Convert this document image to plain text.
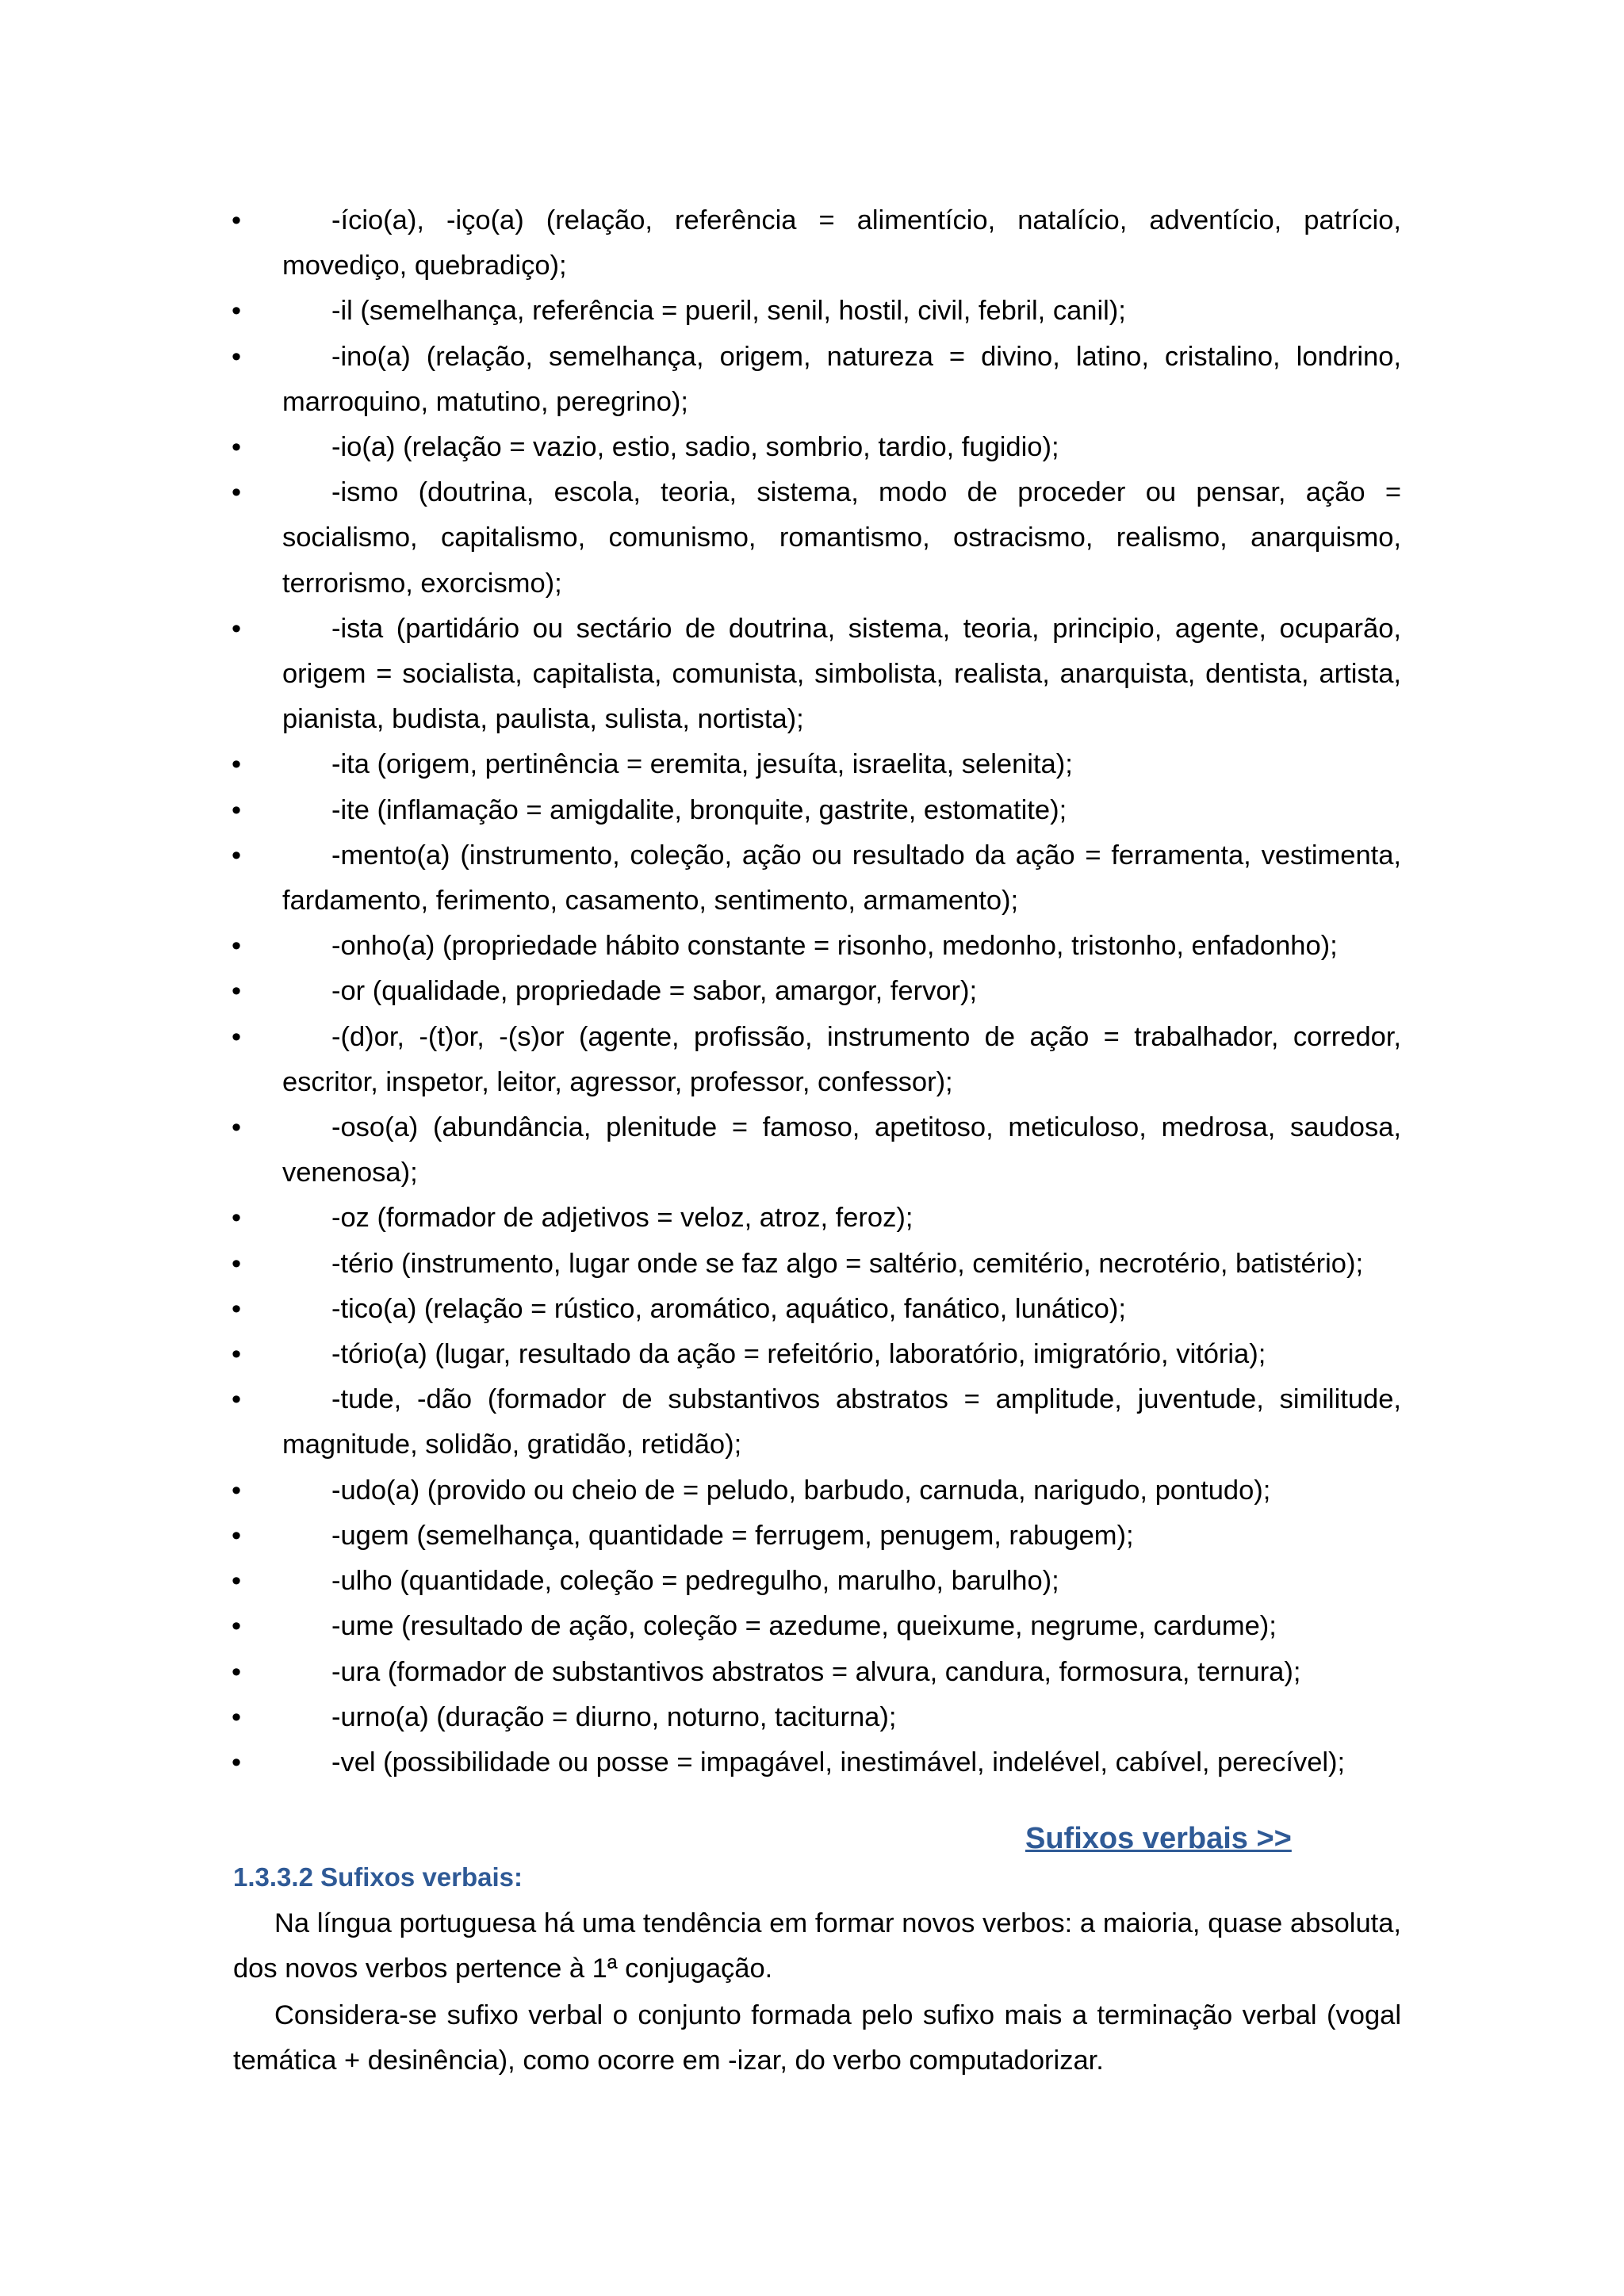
•	-ício(a), -iço(a) (relação, referência = alimentício, natalício, adventício, patrício, movediço, quebradiço);
•	-il (semelhança, referência = pueril, senil, hostil, civil, febril, canil);
•	-ino(a) (relação, semelhança, origem, natureza = divino, latino, cristalino, londrino, marroquino, matutino, peregrino);
•	-io(a) (relação = vazio, estio, sadio, sombrio, tardio, fugidio);
•	-ismo (doutrina, escola, teoria, sistema, modo de proceder ou pensar, ação = socialismo, capitalismo, comunismo, romantismo, ostracismo, realismo, anarquismo, terrorismo, exorcismo);
•	-ista (partidário ou sectário de doutrina, sistema, teoria, principio, agente, ocuparão, origem = socialista, capitalista, comunista, simbolista, realista, anarquista, dentista, artista, pianista, budista, paulista, sulista, nortista);
•	-ita (origem, pertinência = eremita, jesuíta, israelita, selenita);
•	-ite (inflamação = amigdalite, bronquite, gastrite, estomatite);
•	-mento(a) (instrumento, coleção, ação ou resultado da ação = ferramenta, vestimenta, fardamento, ferimento, casamento, sentimento, armamento);
•	-onho(a) (propriedade hábito constante = risonho, medonho, tristonho, enfadonho);
•	-or (qualidade, propriedade = sabor, amargor, fervor);
•	-(d)or, -(t)or, -(s)or (agente, profissão, instrumento de ação = trabalhador, corredor, escritor, inspetor, leitor, agressor, professor, confessor);
•	-oso(a) (abundância, plenitude = famoso, apetitoso, meticuloso, medrosa, saudosa, venenosa);
•	-oz (formador de adjetivos = veloz, atroz, feroz);
•	-tério (instrumento, lugar onde se faz algo = saltério, cemitério, necrotério, batistério);
•	-tico(a) (relação = rústico, aromático, aquático, fanático, lunático);
•	-tório(a) (lugar, resultado da ação = refeitório, laboratório, imigratório, vitória);
•	-tude, -dão (formador de substantivos abstratos = amplitude, juventude, similitude, magnitude, solidão, gratidão, retidão);
•	-udo(a) (provido ou cheio de = peludo, barbudo, carnuda, narigudo, pontudo);
•	-ugem (semelhança, quantidade = ferrugem, penugem, rabugem);
•	-ulho (quantidade, coleção = pedregulho, marulho, barulho);
•	-ume (resultado de ação, coleção = azedume, queixume, negrume, cardume);
•	-ura (formador de substantivos abstratos = alvura, candura, formosura, ternura);
•	-urno(a) (duração = diurno, noturno, taciturna);
•	-vel (possibilidade ou posse = impagável, inestimável, indelével, cabível, perecível);
Sufixos verbais >>
1.3.3.2 Sufixos verbais:

Na língua portuguesa há uma tendência em formar novos verbos: a maioria, quase absoluta, dos novos verbos pertence à 1ª conjugação.

Considera-se sufixo verbal o conjunto formada pelo sufixo mais a terminação verbal (vogal temática + desinência), como ocorre em -izar, do verbo computadorizar.
